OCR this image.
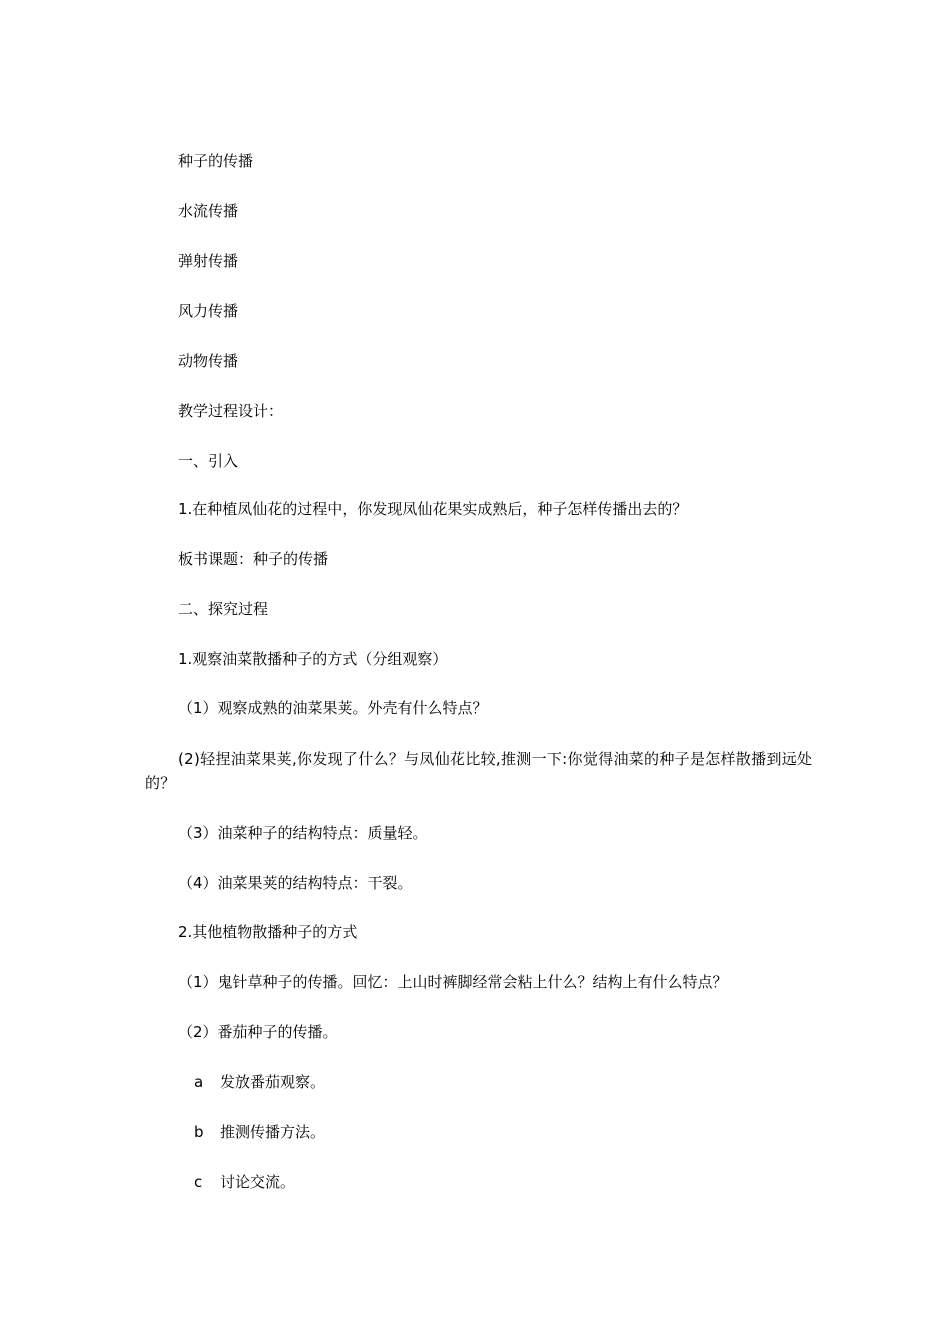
种子的传播
水流传播
弹射传播
风力传播
动物传播
教学过程设计：
一、引入
1.在种植凤仙花的过程中，你发现凤仙花果实成熟后，种子怎样传播出去的？
板书课题：种子的传播
二、探究过程
1.观察油菜散播种子的方式（分组观察）
（1）观察成熟的油菜果荚。外壳有什么特点？
(2)轻捏油菜果荚,你发现了什么？与凤仙花比较,推测一下:你觉得油菜的种子是怎样散播到远处的？
（3）油菜种子的结构特点：质量轻。
（4）油菜果荚的结构特点：干裂。
2.其他植物散播种子的方式
（1）鬼针草种子的传播。回忆：上山时裤脚经常会粘上什么？结构上有什么特点？
（2）番茄种子的传播。
a 发放番茄观察。
b 推测传播方法。
c 讨论交流。
